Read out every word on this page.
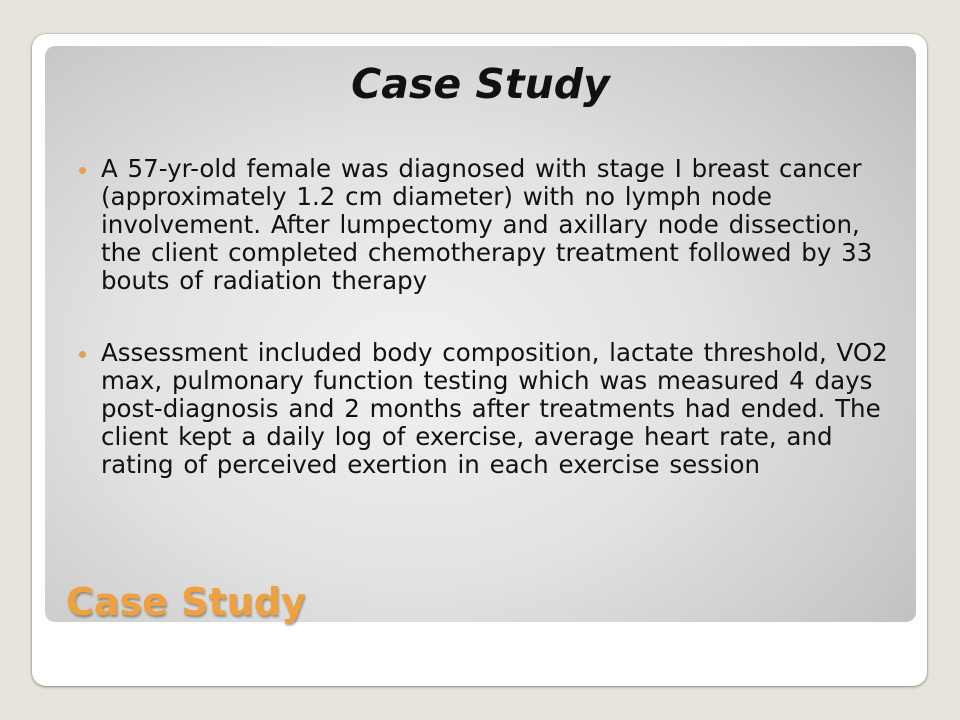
Case Study
A 57-yr-old female was diagnosed with stage I breast cancer (approximately 1.2 cm diameter) with no lymph node involvement. After lumpectomy and axillary node dissection, the client completed chemotherapy treatment followed by 33 bouts of radiation therapy
Assessment included body composition, lactate threshold, VO2 max, pulmonary function testing which was measured 4 days post-diagnosis and 2 months after treatments had ended. The client kept a daily log of exercise, average heart rate, and rating of perceived exertion in each exercise session
Case Study
